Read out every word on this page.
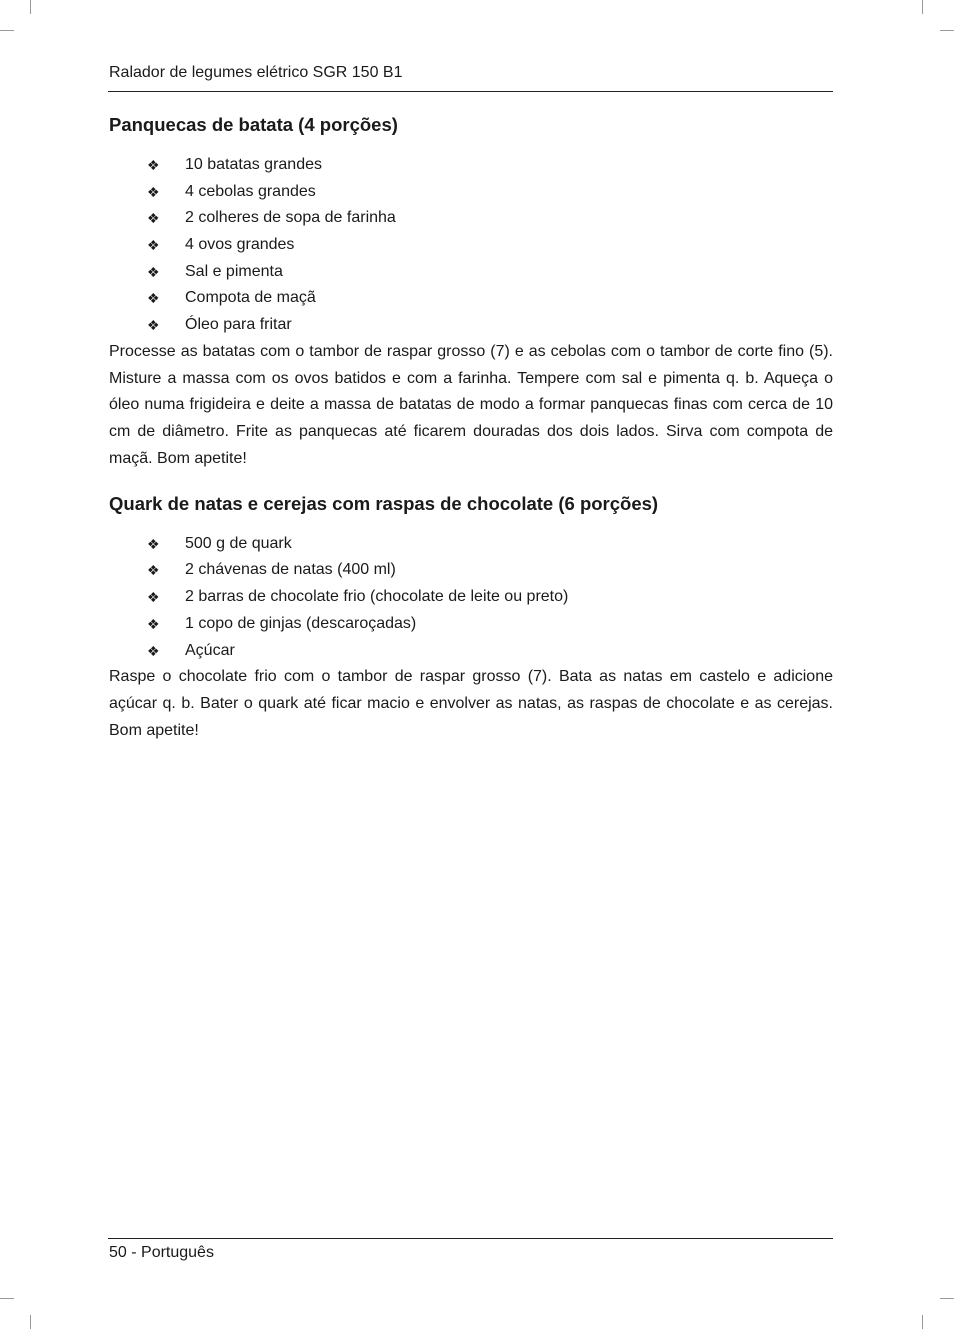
Ralador de legumes elétrico SGR 150 B1
Panquecas de batata (4 porções)
❖ 10 batatas grandes
❖ 4 cebolas grandes
❖ 2 colheres de sopa de farinha
❖ 4 ovos grandes
❖ Sal e pimenta
❖ Compota de maçã
❖ Óleo para fritar

Processe as batatas com o tambor de raspar grosso (7) e as cebolas com o tambor de corte fino (5). Misture a massa com os ovos batidos e com a farinha. Tempere com sal e pimenta q. b. Aqueça o óleo numa frigideira e deite a massa de batatas de modo a formar panquecas finas com cerca de 10 cm de diâmetro. Frite as panquecas até ficarem douradas dos dois lados. Sirva com compota de maçã. Bom apetite!

Quark de natas e cerejas com raspas de chocolate (6 porções)
❖ 500 g de quark
❖ 2 chávenas de natas (400 ml)
❖ 2 barras de chocolate frio (chocolate de leite ou preto)
❖ 1 copo de ginjas (descaroçadas)
❖ Açúcar

Raspe o chocolate frio com o tambor de raspar grosso (7). Bata as natas em castelo e adicione açúcar q. b. Bater o quark até ficar macio e envolver as natas, as raspas de chocolate e as cerejas. Bom apetite!

50 - Português
